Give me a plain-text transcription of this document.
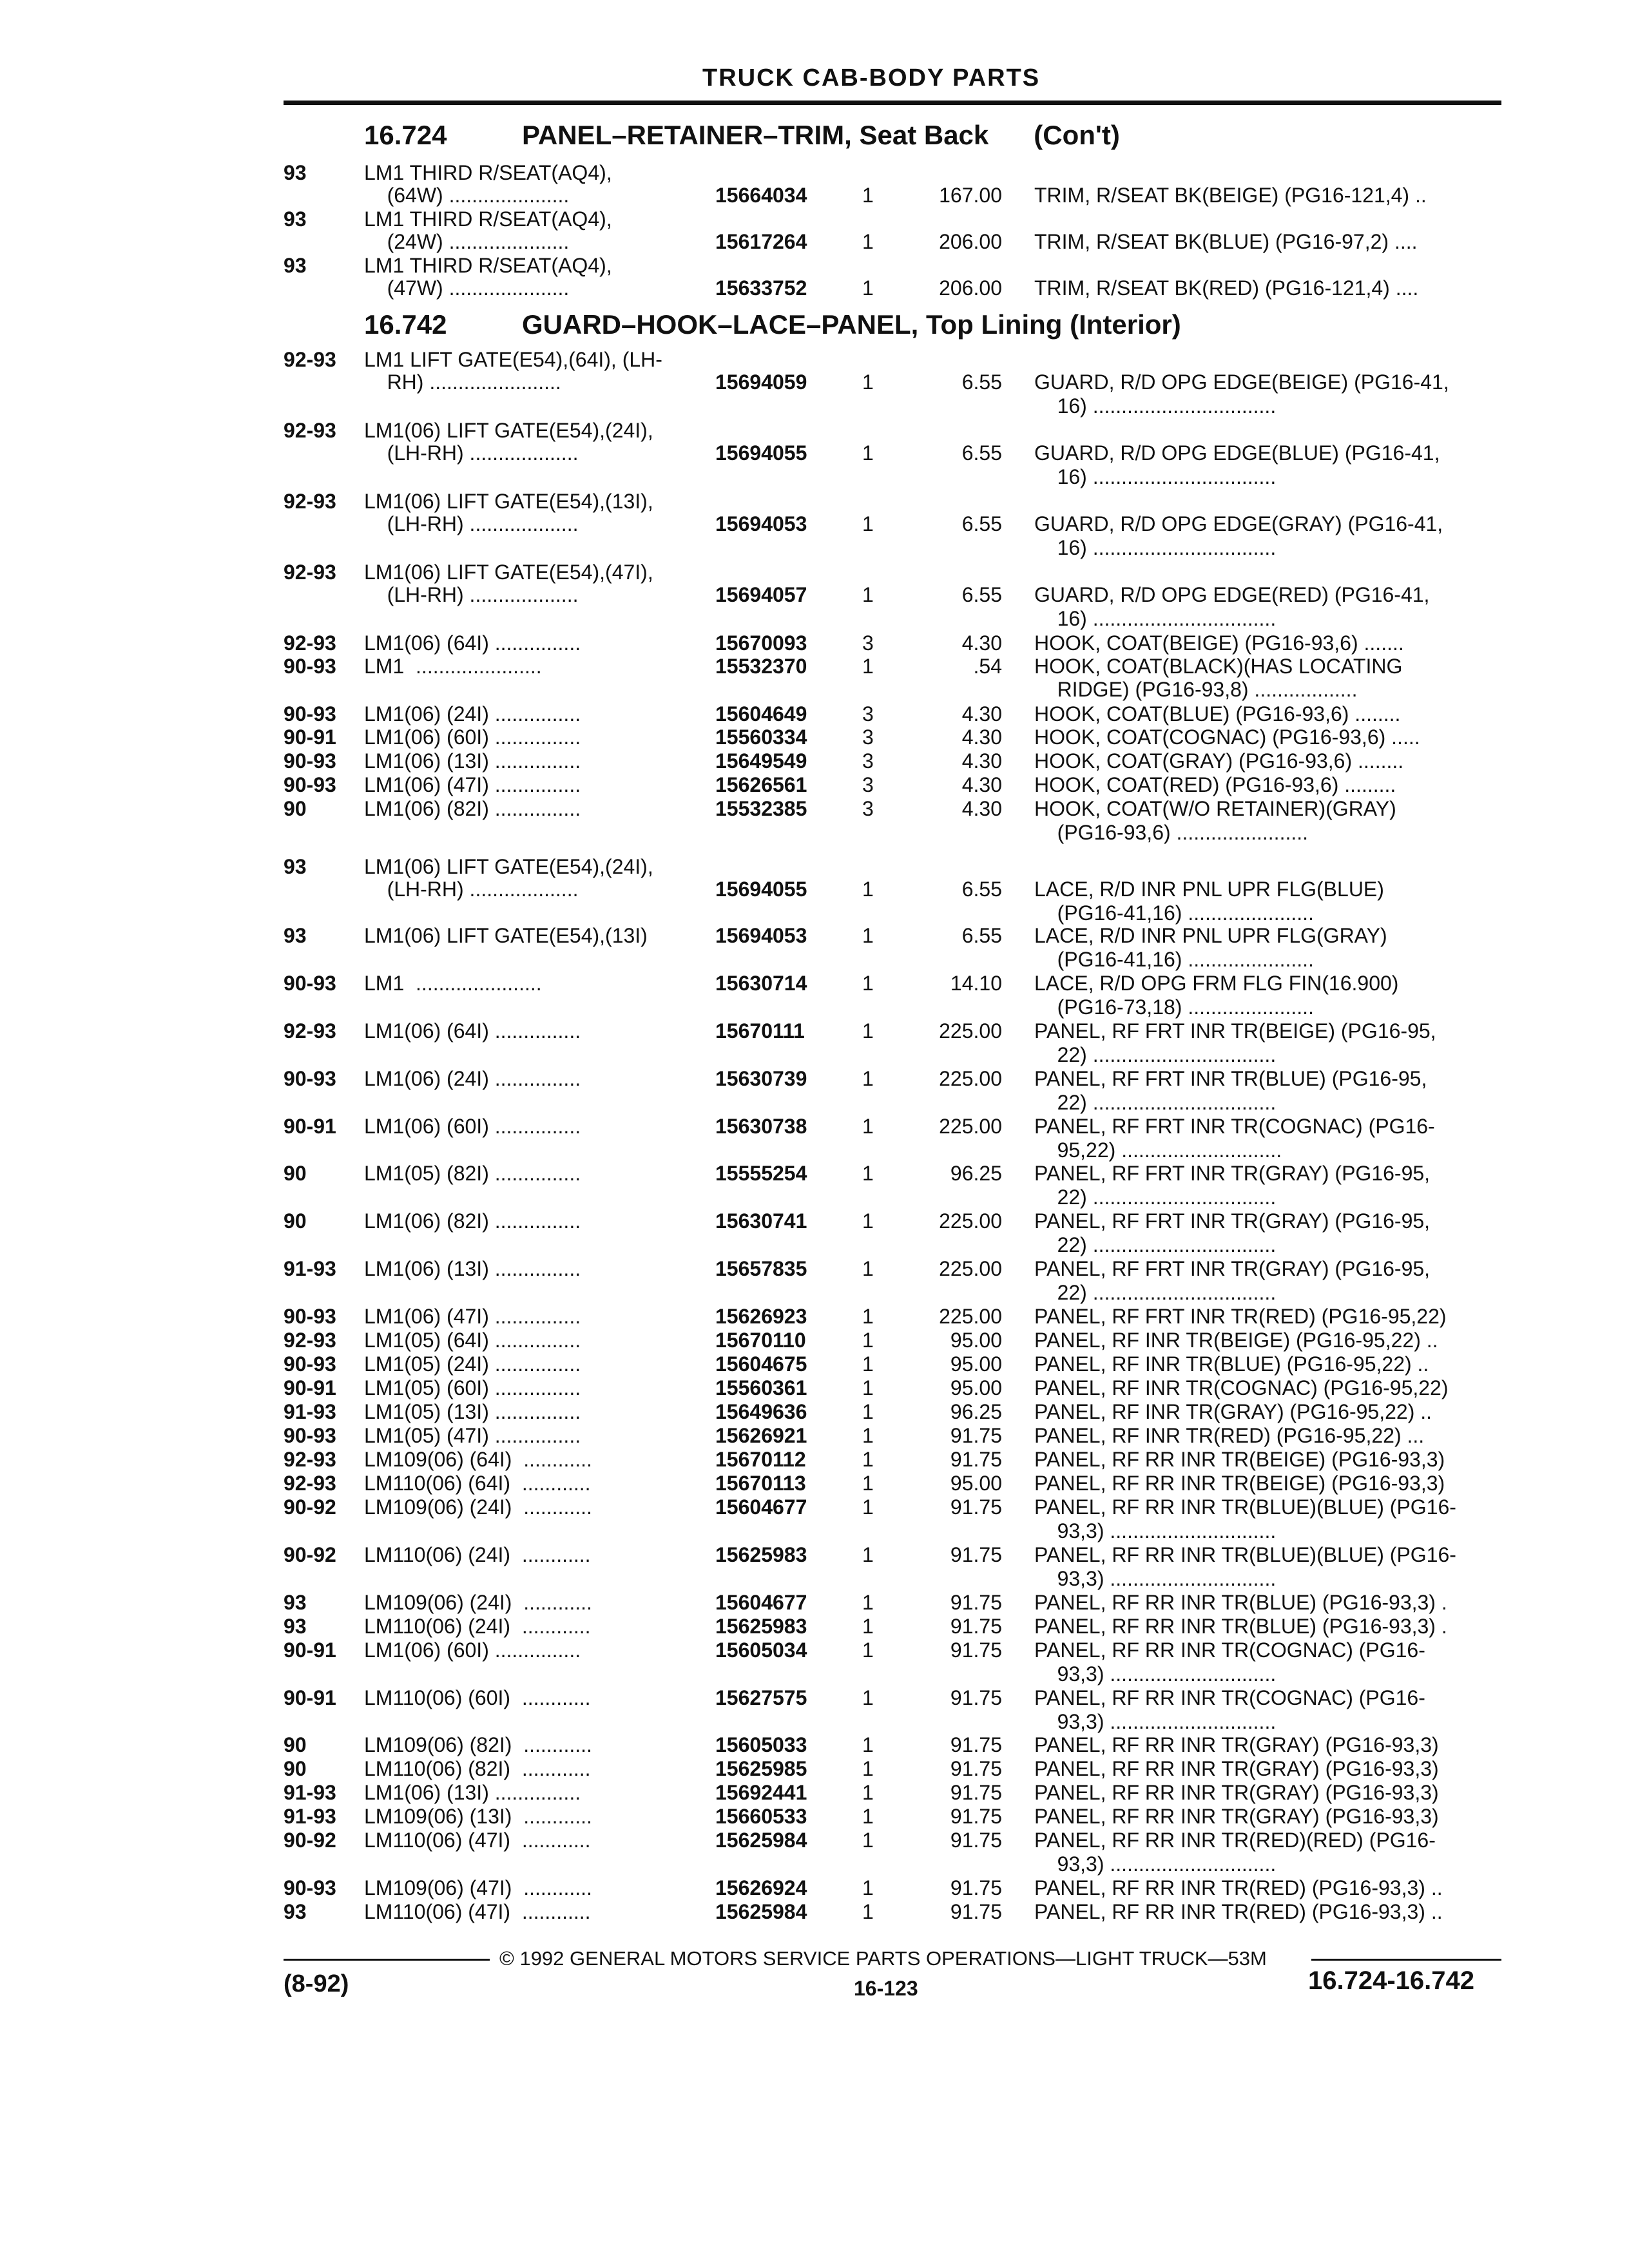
TRUCK CAB-BODY PARTS
16.724	PANEL–RETAINER–TRIM, Seat Back (Con't)
16.742	GUARD–HOOK–LACE–PANEL, Top Lining (Interior)
93	LM1 THIRD R/SEAT(AQ4),
(64W) .....................	15664034	1	167.00 TRIM, R/SEAT BK(BEIGE) (PG16-121,4) ..
93	LM1 THIRD R/SEAT(AQ4),
(24W) .....................	15617264	1	206.00 TRIM, R/SEAT BK(BLUE) (PG16-97,2) ....
93	LM1 THIRD R/SEAT(AQ4),
(47W) .....................	15633752	1	206.00 TRIM, R/SEAT BK(RED) (PG16-121,4) ....
92-93 LM1 LIFT GATE(E54),(64I), (LH-
RH) .......................	15694059	1	6.55 GUARD, R/D OPG EDGE(BEIGE) (PG16-41,
16) ................................
92-93 LM1(06) LIFT GATE(E54),(24I),
(LH-RH) ...................	15694055	1	6.55 GUARD, R/D OPG EDGE(BLUE) (PG16-41,
16) ................................
92-93 LM1(06) LIFT GATE(E54),(13I),
(LH-RH) ...................	15694053	1	6.55 GUARD, R/D OPG EDGE(GRAY) (PG16-41,
16) ................................
92-93 LM1(06) LIFT GATE(E54),(47I),
(LH-RH) ...................	15694057	1	6.55 GUARD, R/D OPG EDGE(RED) (PG16-41,
16) ................................
92-93 LM1(06) (64I) ...............	15670093	3	4.30 HOOK, COAT(BEIGE) (PG16-93,6) .......
90-93 LM1  ......................	15532370	1	.54 HOOK, COAT(BLACK)(HAS LOCATING
RIDGE) (PG16-93,8) ..................
90-93 LM1(06) (24I) ...............	15604649	3	4.30 HOOK, COAT(BLUE) (PG16-93,6) ........
90-91 LM1(06) (60I) ...............	15560334	3	4.30 HOOK, COAT(COGNAC) (PG16-93,6) .....
90-93 LM1(06) (13I) ...............	15649549	3	4.30 HOOK, COAT(GRAY) (PG16-93,6) ........
90-93 LM1(06) (47I) ...............	15626561	3	4.30 HOOK, COAT(RED) (PG16-93,6) .........
90	LM1(06) (82I) ...............	15532385	3	4.30 HOOK, COAT(W/O RETAINER)(GRAY)
(PG16-93,6) .......................
93	LM1(06) LIFT GATE(E54),(24I),
(LH-RH) ...................	15694055	1	6.55 LACE, R/D INR PNL UPR FLG(BLUE)
(PG16-41,16) ......................
93	LM1(06) LIFT GATE(E54),(13I)	15694053	1	6.55 LACE, R/D INR PNL UPR FLG(GRAY)
(PG16-41,16) ......................
90-93 LM1  ......................	15630714	1	14.10 LACE, R/D OPG FRM FLG FIN(16.900)
(PG16-73,18) ......................
92-93 LM1(06) (64I) ...............	15670111	1	225.00 PANEL, RF FRT INR TR(BEIGE) (PG16-95,
22) ................................
90-93 LM1(06) (24I) ...............	15630739	1	225.00 PANEL, RF FRT INR TR(BLUE) (PG16-95,
22) ................................
90-91 LM1(06) (60I) ...............	15630738	1	225.00 PANEL, RF FRT INR TR(COGNAC) (PG16-
95,22) ............................
90	LM1(05) (82I) ...............	15555254	1	96.25 PANEL, RF FRT INR TR(GRAY) (PG16-95,
22) ................................
90	LM1(06) (82I) ...............	15630741	1	225.00 PANEL, RF FRT INR TR(GRAY) (PG16-95,
22) ................................
91-93 LM1(06) (13I) ...............	15657835	1	225.00 PANEL, RF FRT INR TR(GRAY) (PG16-95,
22) ................................
90-93 LM1(06) (47I) ...............	15626923	1	225.00 PANEL, RF FRT INR TR(RED) (PG16-95,22)
92-93 LM1(05) (64I) ...............	15670110	1	95.00 PANEL, RF INR TR(BEIGE) (PG16-95,22) ..
90-93 LM1(05) (24I) ...............	15604675	1	95.00 PANEL, RF INR TR(BLUE) (PG16-95,22) ..
90-91 LM1(05) (60I) ...............	15560361	1	95.00 PANEL, RF INR TR(COGNAC) (PG16-95,22)
91-93 LM1(05) (13I) ...............	15649636	1	96.25 PANEL, RF INR TR(GRAY) (PG16-95,22) ..
90-93 LM1(05) (47I) ...............	15626921	1	91.75 PANEL, RF INR TR(RED) (PG16-95,22) ...
92-93 LM109(06) (64I)  ............	15670112	1	91.75 PANEL, RF RR INR TR(BEIGE) (PG16-93,3)
92-93 LM110(06) (64I)  ............	15670113	1	95.00 PANEL, RF RR INR TR(BEIGE) (PG16-93,3)
90-92 LM109(06) (24I)  ............	15604677	1	91.75 PANEL, RF RR INR TR(BLUE)(BLUE) (PG16-
93,3) .............................
90-92 LM110(06) (24I)  ............	15625983	1	91.75 PANEL, RF RR INR TR(BLUE)(BLUE) (PG16-
93,3) .............................
93	LM109(06) (24I)  ............	15604677	1	91.75 PANEL, RF RR INR TR(BLUE) (PG16-93,3) .
93	LM110(06) (24I)  ............	15625983	1	91.75 PANEL, RF RR INR TR(BLUE) (PG16-93,3) .
90-91 LM1(06) (60I) ...............	15605034	1	91.75 PANEL, RF RR INR TR(COGNAC) (PG16-
93,3) .............................
90-91 LM110(06) (60I)  ............	15627575	1	91.75 PANEL, RF RR INR TR(COGNAC) (PG16-
93,3) .............................
90	LM109(06) (82I)  ............	15605033	1	91.75 PANEL, RF RR INR TR(GRAY) (PG16-93,3)
90	LM110(06) (82I)  ............	15625985	1	91.75 PANEL, RF RR INR TR(GRAY) (PG16-93,3)
91-93 LM1(06) (13I) ...............	15692441	1	91.75 PANEL, RF RR INR TR(GRAY) (PG16-93,3)
91-93 LM109(06) (13I)  ............	15660533	1	91.75 PANEL, RF RR INR TR(GRAY) (PG16-93,3)
90-92 LM110(06) (47I)  ............	15625984	1	91.75 PANEL, RF RR INR TR(RED)(RED) (PG16-
93,3) .............................
90-93 LM109(06) (47I)  ............	15626924	1	91.75 PANEL, RF RR INR TR(RED) (PG16-93,3) ..
93	LM110(06) (47I)  ............	15625984	1	91.75 PANEL, RF RR INR TR(RED) (PG16-93,3) ..
© 1992 GENERAL MOTORS SERVICE PARTS OPERATIONS—LIGHT TRUCK—53M
(8-92)	16-123	16.724-16.742
